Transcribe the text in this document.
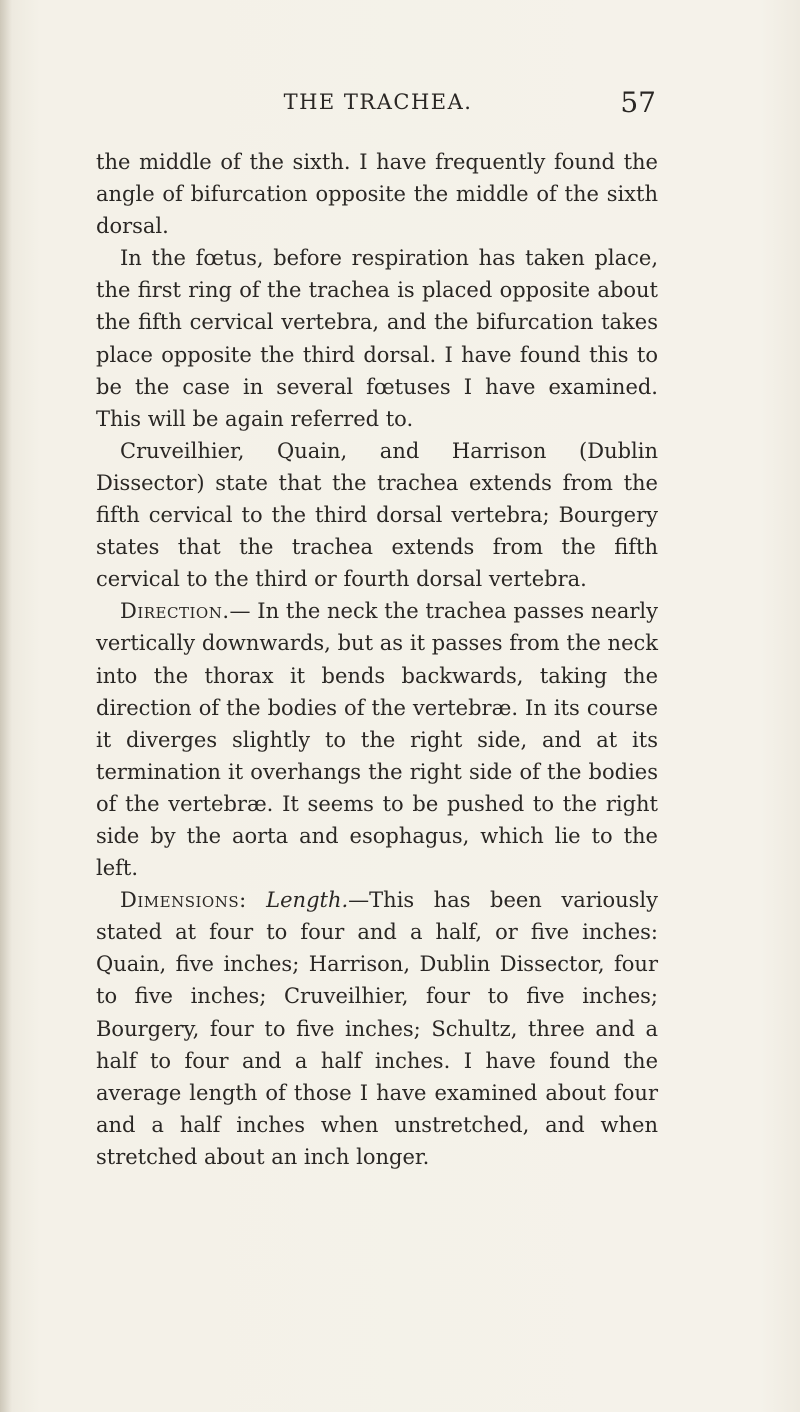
THE TRACHEA.	57

the middle of the sixth. I have frequently found the angle of bifurcation opposite the middle of the sixth dorsal.

In the fœtus, before respiration has taken place, the first ring of the trachea is placed opposite about the fifth cervical vertebra, and the bifurcation takes place opposite the third dorsal. I have found this to be the case in several fœtuses I have examined. This will be again referred to.

Cruveilhier, Quain, and Harrison (Dublin Dissector) state that the trachea extends from the fifth cervical to the third dorsal vertebra; Bourgery states that the trachea extends from the fifth cervical to the third or fourth dorsal vertebra.

Direction.— In the neck the trachea passes nearly vertically downwards, but as it passes from the neck into the thorax it bends backwards, taking the direction of the bodies of the vertebræ. In its course it diverges slightly to the right side, and at its termination it overhangs the right side of the bodies of the vertebræ. It seems to be pushed to the right side by the aorta and esophagus, which lie to the left.

Dimensions: Length.—This has been variously stated at four to four and a half, or five inches: Quain, five inches; Harrison, Dublin Dissector, four to five inches; Cruveilhier, four to five inches; Bourgery, four to five inches; Schultz, three and a half to four and a half inches. I have found the average length of those I have examined about four and a half inches when unstretched, and when stretched about an inch longer.
